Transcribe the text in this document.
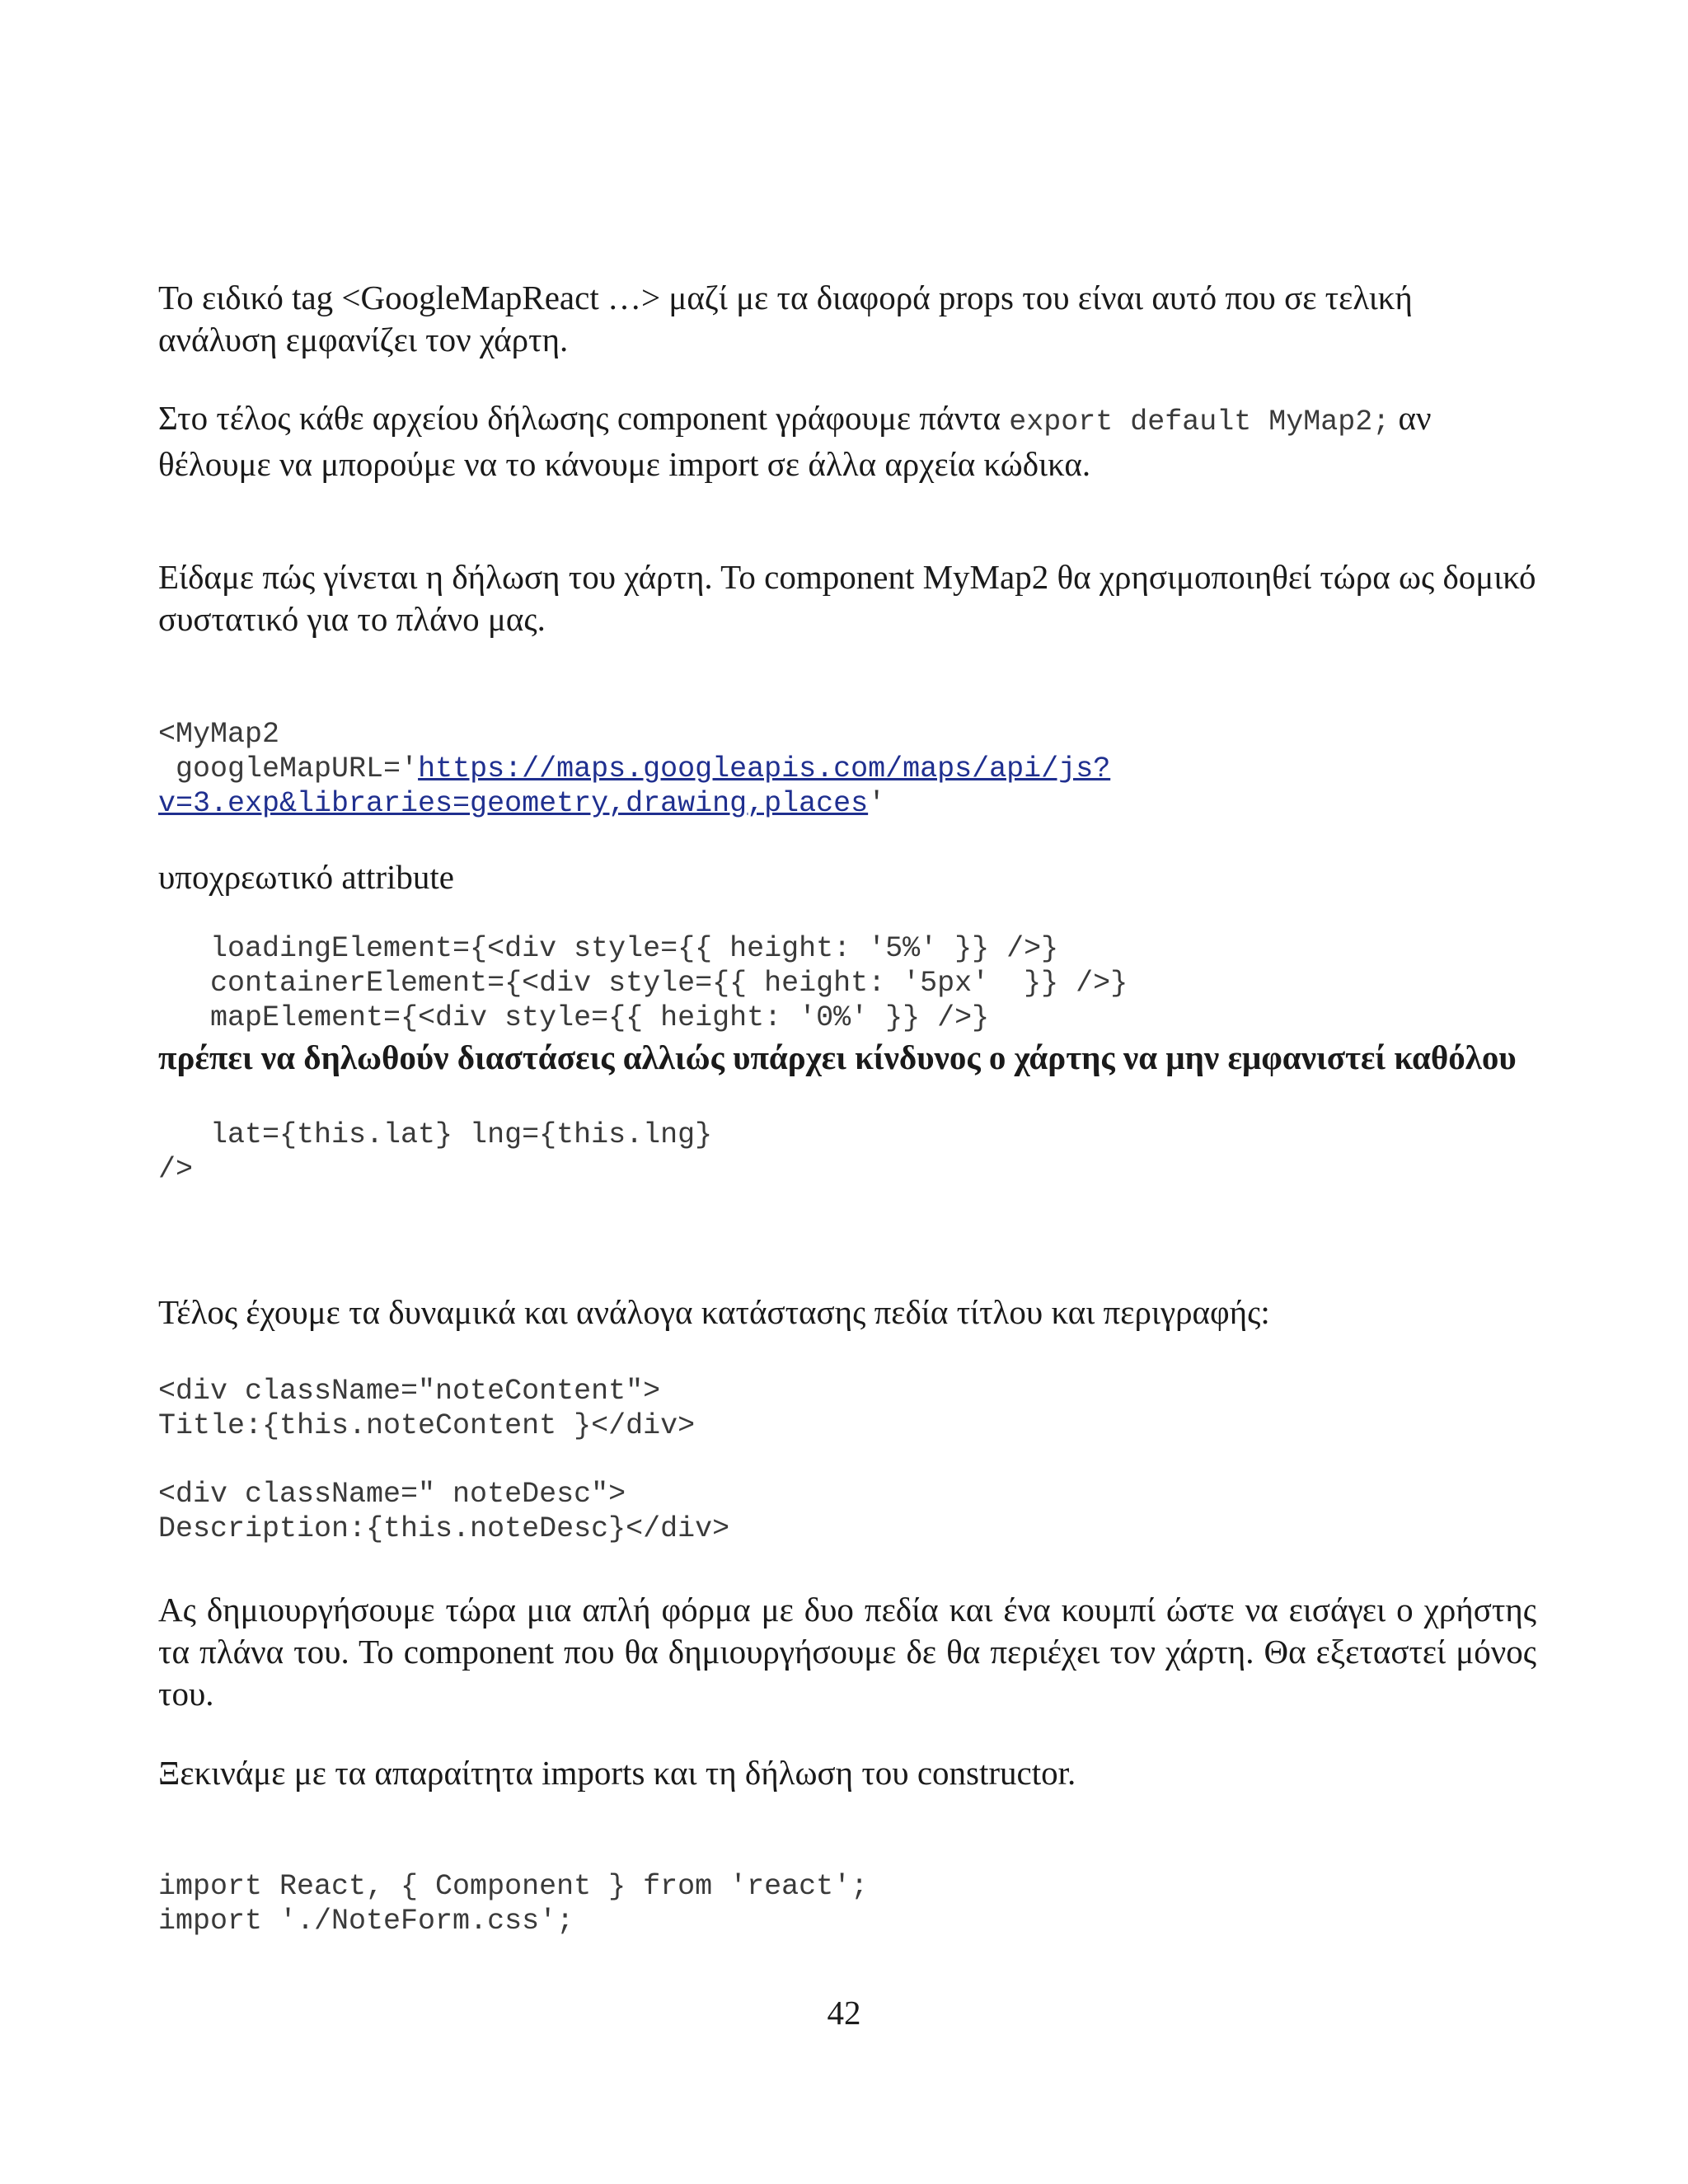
Το ειδικό tag <GoogleMapReact …> μαζί με τα διαφορά props του είναι αυτό που σε τελική ανάλυση εμφανίζει τον χάρτη.

Στο τέλος κάθε αρχείου δήλωσης component γράφουμε πάντα export default MyMap2; αν θέλουμε να μπορούμε να το κάνουμε import σε άλλα αρχεία κώδικα.

Είδαμε πώς γίνεται η δήλωση του χάρτη. Το component MyMap2 θα χρησιμοποιηθεί τώρα ως δομικό συστατικό για το πλάνο μας.

<MyMap2
googleMapURL='https://maps.googleapis.com/maps/api/js?
v=3.exp&libraries=geometry,drawing,places'

υποχρεωτικό attribute

loadingElement={<div style={{ height: '5%' }} />}
containerElement={<div style={{ height: '5px'  }} />}
mapElement={<div style={{ height: '0%' }} />}

πρέπει να δηλωθούν διαστάσεις αλλιώς υπάρχει κίνδυνος ο χάρτης να μην εμφανιστεί καθόλου

lat={this.lat} lng={this.lng}
/>

Τέλος έχουμε τα δυναμικά και ανάλογα κατάστασης πεδία τίτλου και περιγραφής:

<div className="noteContent">
Title:{this.noteContent }</div>
<div className=" noteDesc">
Description:{this.noteDesc}</div>

Ας δημιουργήσουμε τώρα μια απλή φόρμα με δυο πεδία και ένα κουμπί ώστε να εισάγει ο χρήστης τα πλάνα του. Το component που θα δημιουργήσουμε δε θα περιέχει τον χάρτη. Θα εξεταστεί μόνος του.

Ξεκινάμε με τα απαραίτητα imports και τη δήλωση του constructor.

import React, { Component } from 'react';
import './NoteForm.css';
42
